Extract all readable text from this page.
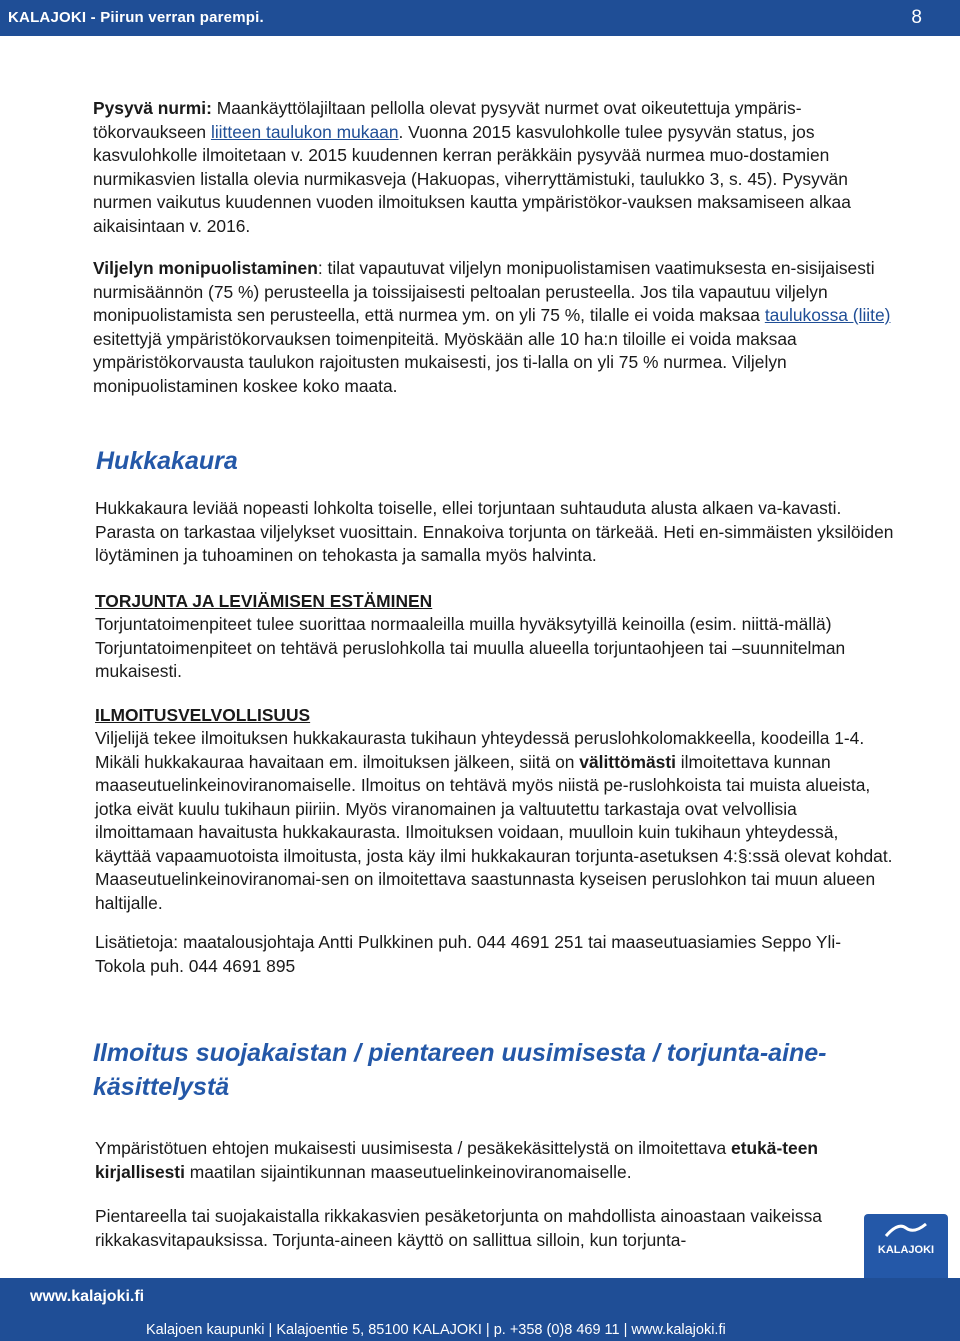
KALAJOKI - Piirun verran parempi.	8

Pysyvä nurmi: Maankäyttölajiltaan pellolla olevat pysyvät nurmet ovat oikeutettuja ympäris-tökorvaukseen liitteen taulukon mukaan. Vuonna 2015 kasvulohkolle tulee pysyvän status, jos kasvulohkolle ilmoitetaan v. 2015 kuudennen kerran peräkkäin pysyvää nurmea muo-dostamien nurmikasvien listalla olevia nurmikasveja (Hakuopas, viherryttämistuki, taulukko 3, s. 45). Pysyvän nurmen vaikutus kuudennen vuoden ilmoituksen kautta ympäristökor-vauksen maksamiseen alkaa aikaisintaan v. 2016.

Viljelyn monipuolistaminen: tilat vapautuvat viljelyn monipuolistamisen vaatimuksesta en-sisijaisesti nurmisäännön (75 %) perusteella ja toissijaisesti peltoalan perusteella. Jos tila vapautuu viljelyn monipuolistamista sen perusteella, että nurmea ym. on yli 75 %, tilalle ei voida maksaa taulukossa (liite) esitettyjä ympäristökorvauksen toimenpiteitä. Myöskään alle 10 ha:n tiloille ei voida maksaa ympäristökorvausta taulukon rajoitusten mukaisesti, jos ti-lalla on yli 75 % nurmea. Viljelyn monipuolistaminen koskee koko maata.

Hukkakaura

Hukkakaura leviää nopeasti lohkolta toiselle, ellei torjuntaan suhtauduta alusta alkaen va-kavasti. Parasta on tarkastaa viljelykset vuosittain. Ennakoiva torjunta on tärkeää. Heti en-simmäisten yksilöiden löytäminen ja tuhoaminen on tehokasta ja samalla myös halvinta.

TORJUNTA JA LEVIÄMISEN ESTÄMINEN

Torjuntatoimenpiteet tulee suorittaa normaaleilla muilla hyväksytyillä keinoilla (esim. niittä-mällä) Torjuntatoimenpiteet on tehtävä peruslohkolla tai muulla alueella torjuntaohjeen tai –suunnitelman mukaisesti.

ILMOITUSVELVOLLISUUS

Viljelijä tekee ilmoituksen hukkakaurasta tukihaun yhteydessä peruslohkolomakkeella, koodeilla 1-4. Mikäli hukkakauraa havaitaan em. ilmoituksen jälkeen, siitä on välittömästi ilmoitettava kunnan maaseutuelinkeinoviranomaiselle. Ilmoitus on tehtävä myös niistä pe-ruslohkoista tai muista alueista, jotka eivät kuulu tukihaun piiriin. Myös viranomainen ja valtuutettu tarkastaja ovat velvollisia ilmoittamaan havaitusta hukkakaurasta. Ilmoituksen voidaan, muulloin kuin tukihaun yhteydessä, käyttää vapaamuotoista ilmoitusta, josta käy ilmi hukkakauran torjunta-asetuksen 4:§:ssä olevat kohdat. Maaseutuelinkeinoviranomai-sen on ilmoitettava saastunnasta kyseisen peruslohkon tai muun alueen haltijalle.

Lisätietoja: maatalousjohtaja Antti Pulkkinen puh. 044 4691 251 tai maaseutuasiamies Seppo Yli-Tokola puh. 044 4691 895

Ilmoitus suojakaistan / pientareen uusimisesta / torjunta-aine-käsittelystä

Ympäristötuen ehtojen mukaisesti uusimisesta / pesäkekäsittelystä on ilmoitettava etukä-teen kirjallisesti maatilan sijaintikunnan maaseutuelinkeinoviranomaiselle.

Pientareella tai suojakaistalla rikkakasvien pesäketorjunta on mahdollista ainoastaan vaikeissa rikkakasvitapauksissa. Torjunta-aineen käyttö on sallittua silloin, kun torjunta-

KALAJOKI
www.kalajoki.fi
Kalajoen kaupunki | Kalajoentie 5, 85100 KALAJOKI | p. +358 (0)8 469 11 | www.kalajoki.fi
